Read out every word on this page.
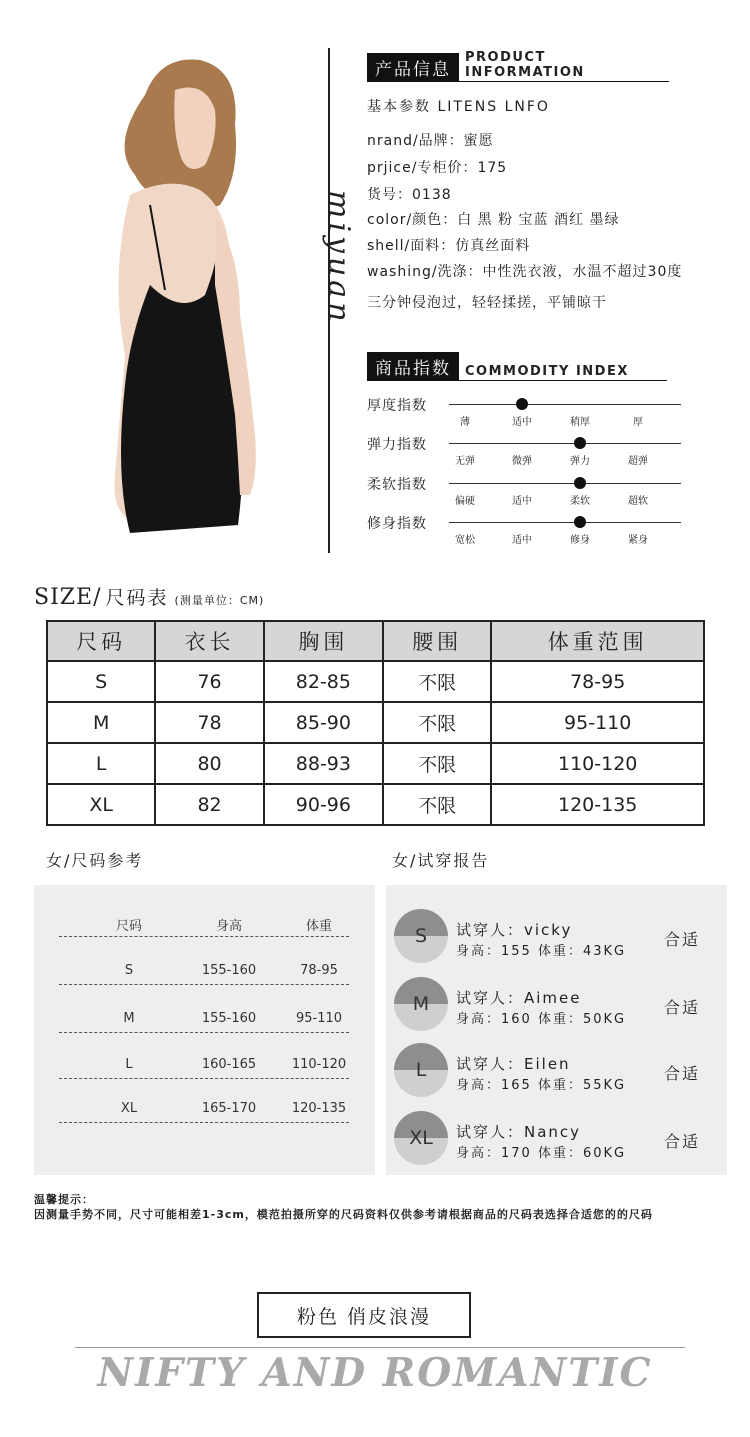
miyuan
产品信息
PRODUCT INFORMATION
基本参数 LITENS LNFO
nrand/品牌：蜜愿
prjice/专柜价：175
货号：0138
color/颜色：白 黑 粉 宝蓝 酒红 墨绿
shell/面料：仿真丝面料
washing/洗涤：中性洗衣液，水温不超过30度
三分钟侵泡过，轻轻揉搓，平铺晾干
商品指数	COMMODITY INDEX
厚度指数
薄	适中	稍厚	厚
弹力指数
无弹	微弹	弹力	超弹
柔软指数
偏硬	适中	柔软	超软
修身指数
宽松	适中	修身	紧身
SIZE/ 尺码表 (测量单位：CM)
尺码	衣长	胸围	腰围	体重范围
S	76	82-85	不限	78-95
M	78	85-90	不限	95-110
L	80	88-93	不限	110-120
XL	82	90-96	不限	120-135
女/尺码参考	女/试穿报告
尺码	身高	体重
S	155-160	78-95
M	155-160	95-110
L	160-165	110-120
XL	165-170	120-135
S	试穿人：vicky
身高：155 体重：43KG
合适
M	试穿人：Aimee
身高：160 体重：50KG
合适
L	试穿人：Eilen
身高：165 体重：55KG
合适
XL	试穿人：Nancy
身高：170 体重：60KG
合适
温馨提示：
因测量手势不同，尺寸可能相差1-3cm，模范拍摄所穿的尺码资料仅供参考请根据商品的尺码表选择合适您的的尺码
粉色 俏皮浪漫
NIFTY AND ROMANTIC
